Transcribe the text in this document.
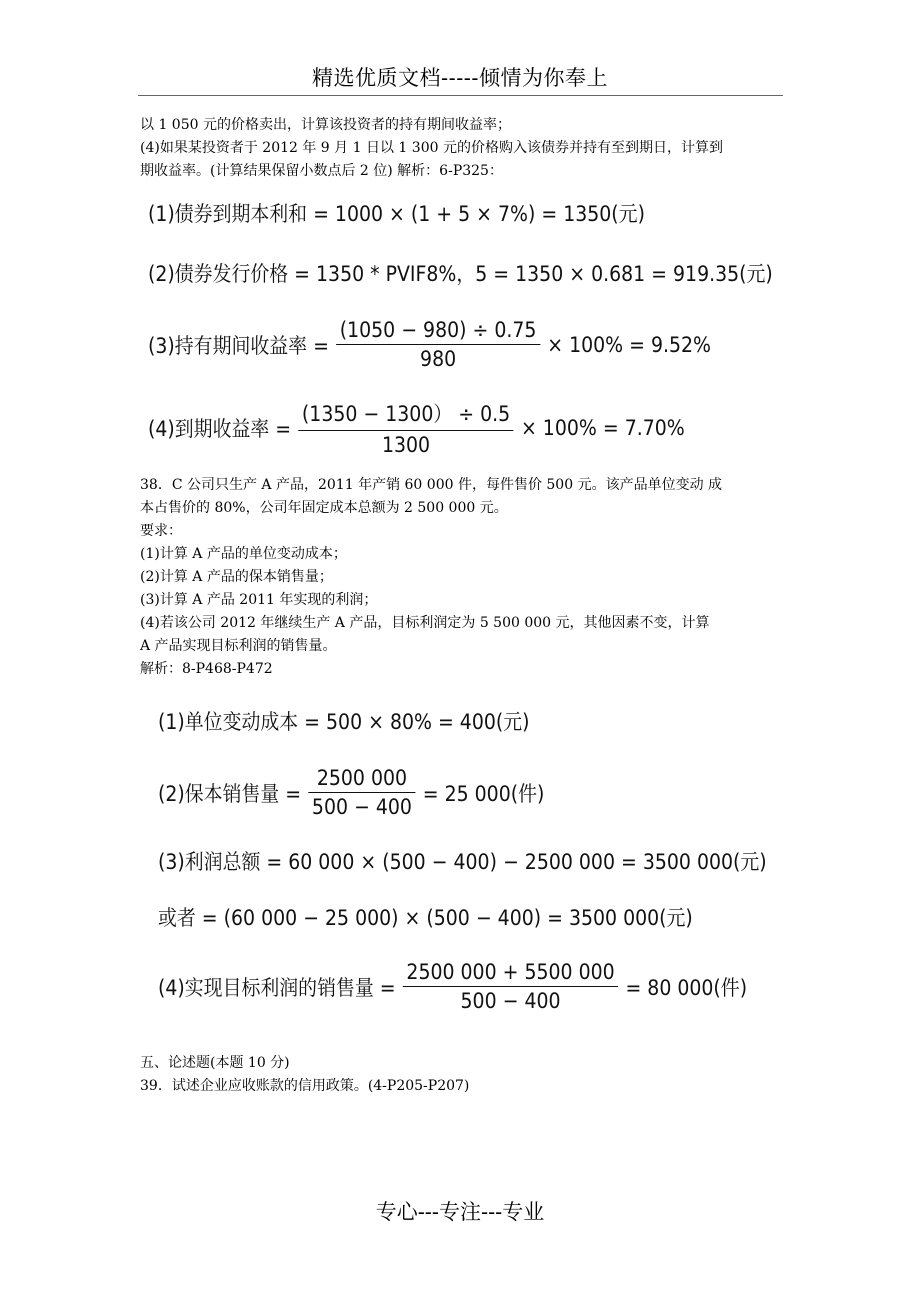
精选优质文档-----倾情为你奉上

以 1 050 元的价格卖出，计算该投资者的持有期间收益率；

(4)如果某投资者于 2012 年 9 月 1 日以 1 300 元的价格购入该债券并持有至到期日，计算到

期收益率。(计算结果保留小数点后 2 位) 解析：6-P325：

(1)债券到期本利和 = 1000 × (1 + 5 × 7%) = 1350(元)
(2)债券发行价格 = 1350 * PVIF8%，5 = 1350 × 0.681 = 919.35(元)
(3)持有期间收益率 = $\frac{(1050 - 980) \div 0.75}{980} \times 100\% = 9.52\%$
(4)到期收益率 = $\frac{(1350 - 1300) \div 0.5}{1300} \times 100\% = 7.70\%$

38．C 公司只生产 A 产品，2011 年产销 60 000 件，每件售价 500 元。该产品单位变动 成

本占售价的 80%，公司年固定成本总额为 2 500 000 元。

要求：

(1)计算 A 产品的单位变动成本；

(2)计算 A 产品的保本销售量；

(3)计算 A 产品 2011 年实现的利润；

(4)若该公司 2012 年继续生产 A 产品，目标利润定为 5 500 000 元，其他因素不变，计算

A 产品实现目标利润的销售量。

解析：8-P468-P472

(1)单位变动成本 = 500 × 80% = 400(元)
(2)保本销售量 = $\frac{2500 000}{500 - 400} = 25$ 000(件)
(3)利润总额 = 60 000 × (500 − 400) − 2500 000 = 3500 000(元)
或者 = (60 000 − 25 000) × (500 − 400) = 3500 000(元)
(4)实现目标利润的销售量 = $\frac{2500 000 + 5500 000}{500 - 400} = 80$ 000(件)

五、论述题(本题 10 分)

39．试述企业应收账款的信用政策。(4-P205-P207)

专心---专注---专业
